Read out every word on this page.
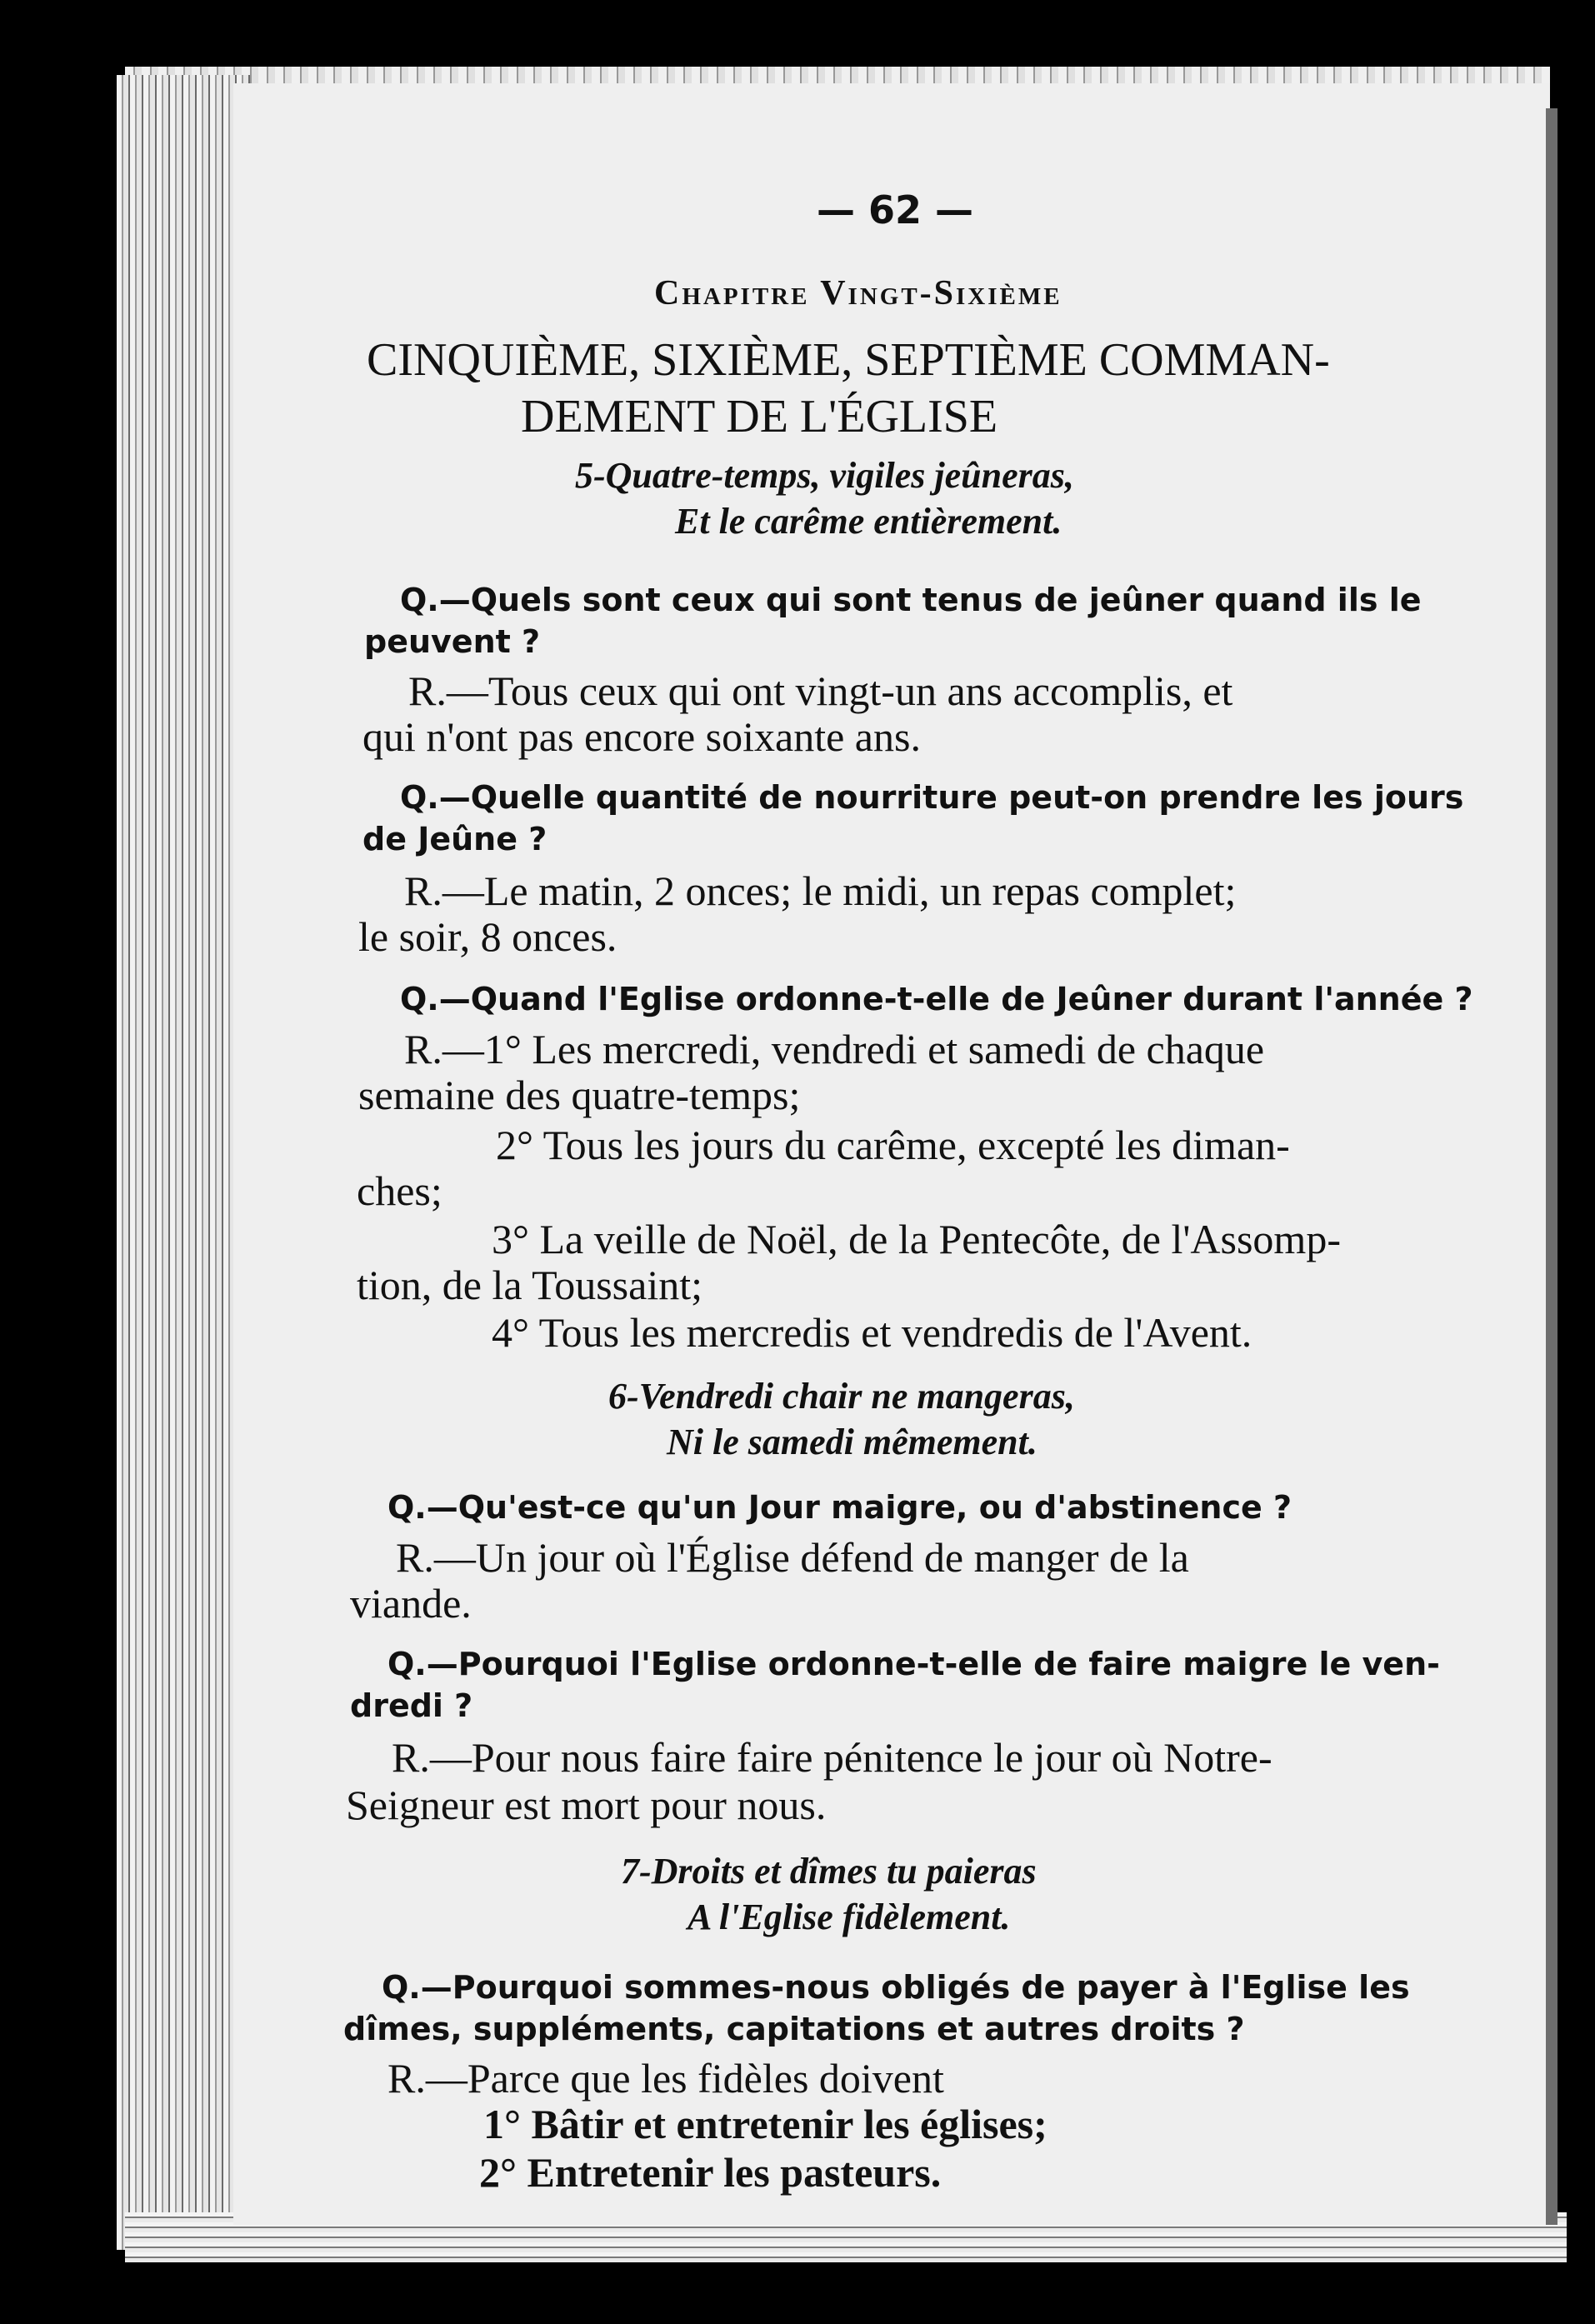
— 62 —
Chapitre Vingt-Sixième
CINQUIÈME, SIXIÈME, SEPTIÈME COMMAN-
DEMENT DE L'ÉGLISE
5-Quatre-temps, vigiles jeûneras,
Et le carême entièrement.
Q.—Quels sont ceux qui sont tenus de jeûner quand ils le
peuvent ?
R.—Tous ceux qui ont vingt-un ans accomplis, et
qui n'ont pas encore soixante ans.
Q.—Quelle quantité de nourriture peut-on prendre les jours
de Jeûne ?
R.—Le matin, 2 onces; le midi, un repas complet;
le soir, 8 onces.
Q.—Quand l'Eglise ordonne-t-elle de Jeûner durant l'année ?
R.—1° Les mercredi, vendredi et samedi de chaque
semaine des quatre-temps;
2° Tous les jours du carême, excepté les diman-
ches;
3° La veille de Noël, de la Pentecôte, de l'Assomp-
tion, de la Toussaint;
4° Tous les mercredis et vendredis de l'Avent.
6-Vendredi chair ne mangeras,
Ni le samedi mêmement.
Q.—Qu'est-ce qu'un Jour maigre, ou d'abstinence ?
R.—Un jour où l'Église défend de manger de la
viande.
Q.—Pourquoi l'Eglise ordonne-t-elle de faire maigre le ven-
dredi ?
R.—Pour nous faire faire pénitence le jour où Notre-
Seigneur est mort pour nous.
7-Droits et dîmes tu paieras
A l'Eglise fidèlement.
Q.—Pourquoi sommes-nous obligés de payer à l'Eglise les
dîmes, suppléments, capitations et autres droits ?
R.—Parce que les fidèles doivent
1° Bâtir et entretenir les églises;
2° Entretenir les pasteurs.
